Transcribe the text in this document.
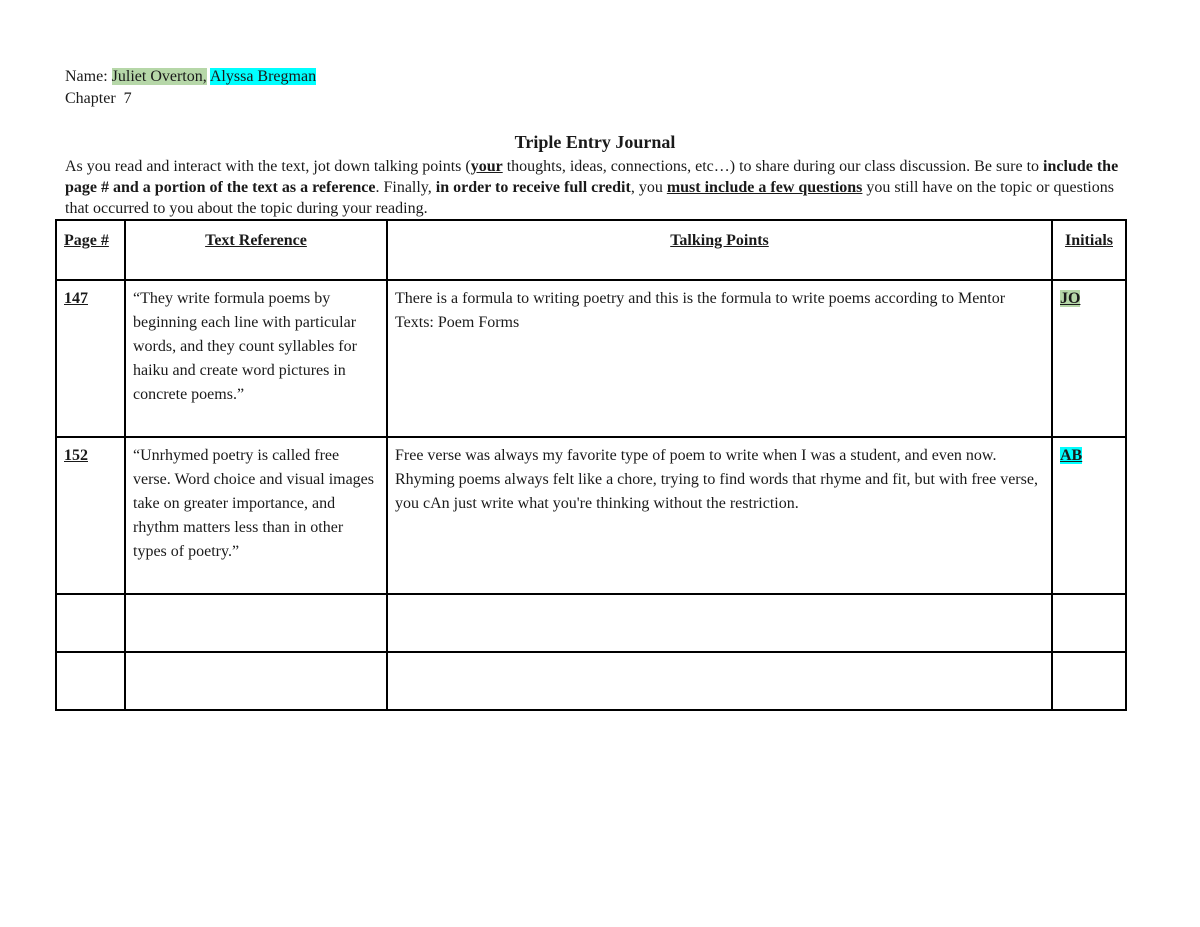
Name: Juliet Overton, Alyssa Bregman
Chapter  7
Triple Entry Journal
As you read and interact with the text, jot down talking points (your thoughts, ideas, connections, etc…) to share during our class discussion. Be sure to include the page # and a portion of the text as a reference. Finally, in order to receive full credit, you must include a few questions you still have on the topic or questions that occurred to you about the topic during your reading.
Page #	Text Reference	Talking Points	Initials
147	“They write formula poems by beginning each line with particular words, and they count syllables for haiku and create word pictures in concrete poems.”	There is a formula to writing poetry and this is the formula to write poems according to Mentor Texts: Poem Forms	JO
152	“Unrhymed poetry is called free verse. Word choice and visual images take on greater importance, and rhythm matters less than in other types of poetry.”	Free verse was always my favorite type of poem to write when I was a student, and even now. Rhyming poems always felt like a chore, trying to find words that rhyme and fit, but with free verse, you cAn just write what you're thinking without the restriction.	AB
